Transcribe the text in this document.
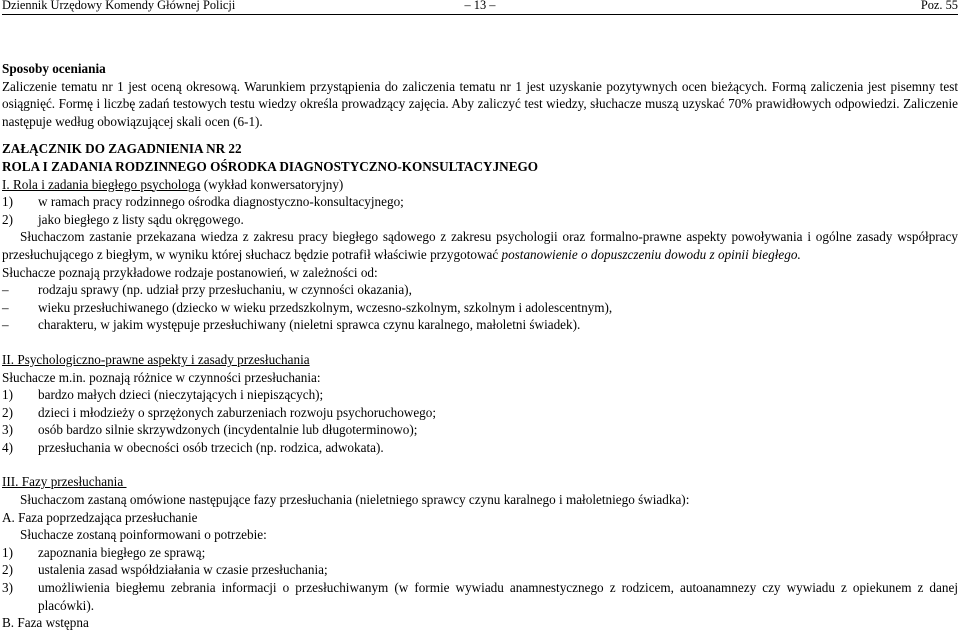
Dziennik Urzędowy Komendy Głównej Policji	– 13 –	Poz. 55

Sposoby oceniania

Zaliczenie tematu nr 1 jest oceną okresową. Warunkiem przystąpienia do zaliczenia tematu nr 1 jest uzyskanie pozytywnych ocen bieżących. Formą zaliczenia jest pisemny test osiągnięć. Formę i liczbę zadań testowych testu wiedzy określa prowadzący zajęcia. Aby zaliczyć test wiedzy, słuchacze muszą uzyskać 70% prawidłowych odpowiedzi. Zaliczenie następuje według obowiązującej skali ocen (6-1).

ZAŁĄCZNIK DO ZAGADNIENIA NR 22

ROLA I ZADANIA RODZINNEGO OŚRODKA DIAGNOSTYCZNO-KONSULTACYJNEGO

I. Rola i zadania biegłego psychologa (wykład konwersatoryjny)

1) w ramach pracy rodzinnego ośrodka diagnostyczno-konsultacyjnego;
2) jako biegłego z listy sądu okręgowego.

Słuchaczom zastanie przekazana wiedza z zakresu pracy biegłego sądowego z zakresu psychologii oraz formalno-prawne aspekty powoływania i ogólne zasady współpracy przesłuchującego z biegłym, w wyniku której słuchacz będzie potrafił właściwie przygotować postanowienie o dopuszczeniu dowodu z opinii biegłego.

Słuchacze poznają przykładowe rodzaje postanowień, w zależności od:

– rodzaju sprawy (np. udział przy przesłuchaniu, w czynności okazania),
– wieku przesłuchiwanego (dziecko w wieku przedszkolnym, wczesno-szkolnym, szkolnym i adolescentnym),
– charakteru, w jakim występuje przesłuchiwany (nieletni sprawca czynu karalnego, małoletni świadek).

II. Psychologiczno-prawne aspekty i zasady przesłuchania

Słuchacze m.in. poznają różnice w czynności przesłuchania:

1) bardzo małych dzieci (nieczytających i niepiszących);
2) dzieci i młodzieży o sprzężonych zaburzeniach rozwoju psychoruchowego;
3) osób bardzo silnie skrzywdzonych (incydentalnie lub długoterminowo);
4) przesłuchania w obecności osób trzecich (np. rodzica, adwokata).

III. Fazy przesłuchania

Słuchaczom zastaną omówione następujące fazy przesłuchania (nieletniego sprawcy czynu karalnego i małoletniego świadka):

A. Faza poprzedzająca przesłuchanie

Słuchacze zostaną poinformowani o potrzebie:

1) zapoznania biegłego ze sprawą;
2) ustalenia zasad współdziałania w czasie przesłuchania;
3) umożliwienia biegłemu zebrania informacji o przesłuchiwanym (w formie wywiadu anamnestycznego z rodzicem, autoanamnezy czy wywiadu z opiekunem z danej placówki).

B. Faza wstępna
